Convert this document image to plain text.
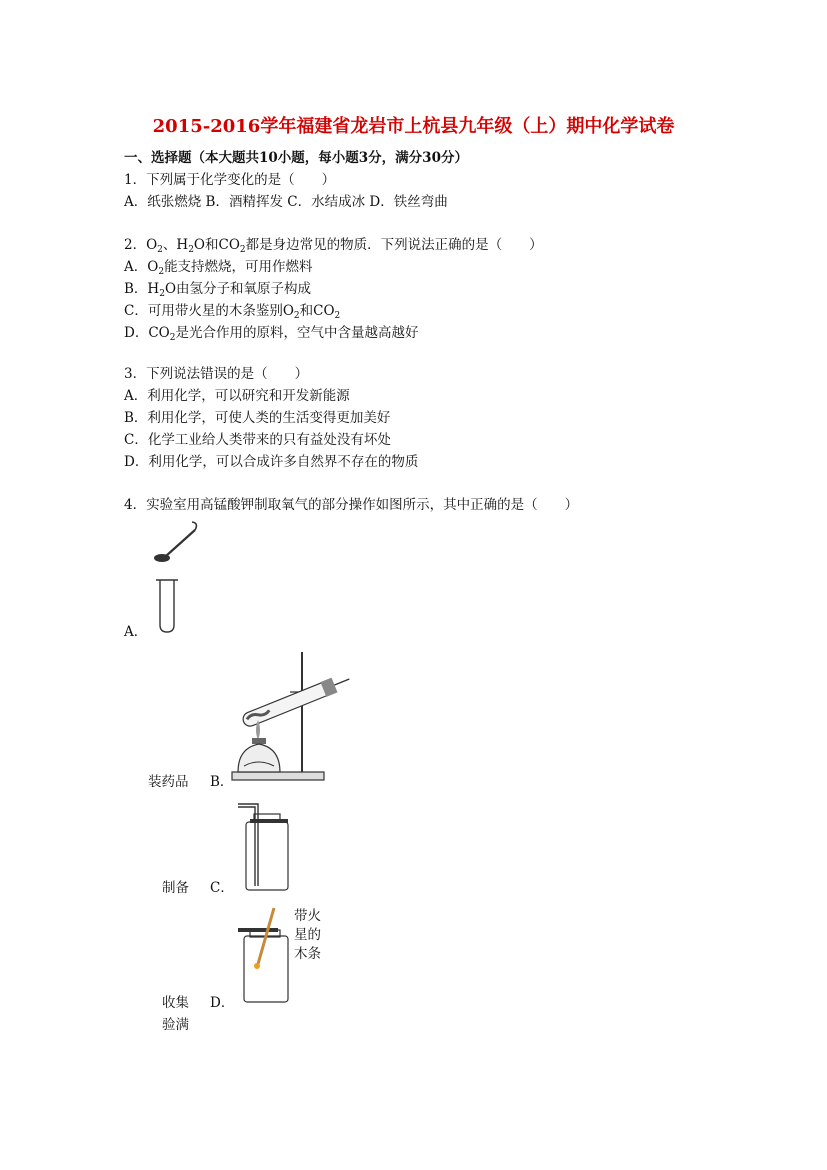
2015-2016学年福建省龙岩市上杭县九年级（上）期中化学试卷
一、选择题（本大题共10小题，每小题3分，满分30分）
1．下列属于化学变化的是（　　）
A．纸张燃烧 B．酒精挥发 C．水结成冰 D．铁丝弯曲
2．$O_2$、$H_2O$和$CO_2$都是身边常见的物质．下列说法正确的是（　　）
A．$O_2$能支持燃烧，可用作燃料
B．$H_2O$由氢分子和氧原子构成
C．可用带火星的木条鉴别$O_2$和$CO_2$
D．$CO_2$是光合作用的原料，空气中含量越高越好
3．下列说法错误的是（　　）
A．利用化学，可以研究和开发新能源
B．利用化学，可使人类的生活变得更加美好
C．化学工业给人类带来的只有益处没有坏处
D．利用化学，可以合成许多自然界不存在的物质
4．实验室用高锰酸钾制取氧气的部分操作如图所示，其中正确的是（　　）
A．
装药品 B．
制备 C．
带火
星的
木条
收集 D．
验满
